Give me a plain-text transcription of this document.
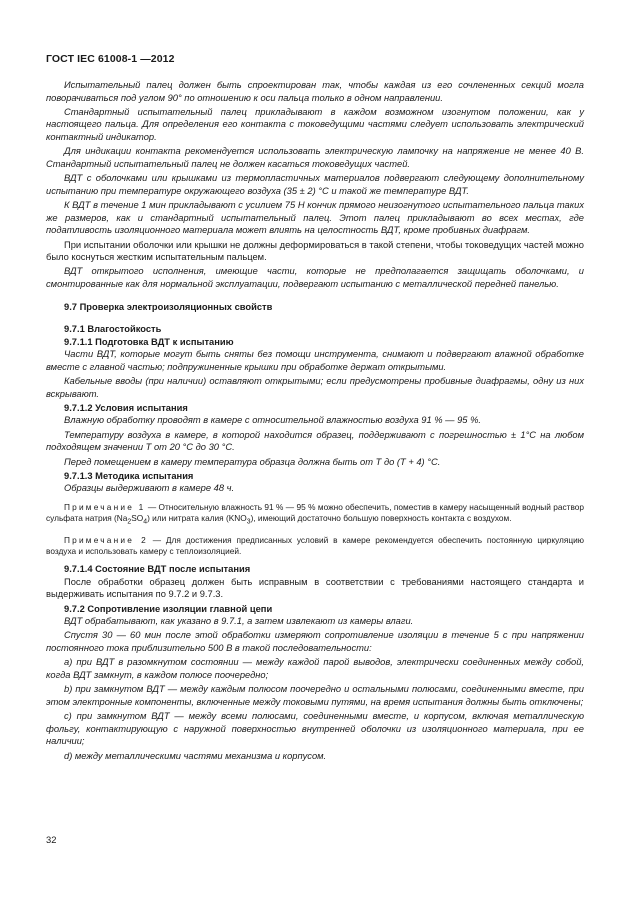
ГОСТ IEC 61008-1 —2012

Испытательный палец должен быть спроектирован так, чтобы каждая из его сочлененных секций могла поворачиваться под углом 90° по отношению к оси пальца только в одном направлении.

Стандартный испытательный палец прикладывают в каждом возможном изогнутом положении, как у настоящего пальца. Для определения его контакта с токоведущими частями следует использовать электрический контактный индикатор.

Для индикации контакта рекомендуется использовать электрическую лампочку на напряжение не менее 40 В. Стандартный испытательный палец не должен касаться токоведущих частей.

ВДТ с оболочками или крышками из термопластичных материалов подвергают следующему дополнительному испытанию при температуре окружающего воздуха (35 ± 2) °С и такой же температуре ВДТ.

К ВДТ в течение 1 мин прикладывают с усилием 75 Н кончик прямого неизогнутого испытательного пальца таких же размеров, как и стандартный испытательный палец. Этот палец прикладывают во всех местах, где податливость изоляционного материала может влиять на целостность ВДТ, кроме пробивных диафрагм.

При испытании оболочки или крышки не должны деформироваться в такой степени, чтобы токоведущих частей можно было коснуться жестким испытательным пальцем.

ВДТ открытого исполнения, имеющие части, которые не предполагается защищать оболочками, и смонтированные как для нормальной эксплуатации, подвергают испытанию с металлической передней панелью.

9.7 Проверка электроизоляционных свойств

9.7.1 Влагостойкость

9.7.1.1 Подготовка ВДТ к испытанию

Части ВДТ, которые могут быть сняты без помощи инструмента, снимают и подвергают влажной обработке вместе с главной частью; подпружиненные крышки при обработке держат открытыми.

Кабельные вводы (при наличии) оставляют открытыми; если предусмотрены пробивные диафрагмы, одну из них вскрывают.

9.7.1.2 Условия испытания

Влажную обработку проводят в камере с относительной влажностью воздуха 91 % — 95 %.

Температуру воздуха в камере, в которой находится образец, поддерживают с погрешностью ± 1°С на любом подходящем значении T от 20 °С до 30 °С.

Перед помещением в камеру температура образца должна быть от T до (T + 4) °С.

9.7.1.3 Методика испытания

Образцы выдерживают в камере 48 ч.

Примечание 1 — Относительную влажность 91 % — 95 % можно обеспечить, поместив в камеру насыщенный водный раствор сульфата натрия $(Na_2SO_4)$ или нитрата калия $(KNO_3)$, имеющий достаточно большую поверхность контакта с воздухом.

Примечание 2 — Для достижения предписанных условий в камере рекомендуется обеспечить постоянную циркуляцию воздуха и использовать камеру с теплоизоляцией.

9.7.1.4 Состояние ВДТ после испытания

После обработки образец должен быть исправным в соответствии с требованиями настоящего стандарта и выдерживать испытания по 9.7.2 и 9.7.3.

9.7.2 Сопротивление изоляции главной цепи

ВДТ обрабатывают, как указано в 9.7.1, а затем извлекают из камеры влаги.

Спустя 30 — 60 мин после этой обработки измеряют сопротивление изоляции в течение 5 с при напряжении постоянного тока приблизительно 500 В в такой последовательности:

a) при ВДТ в разомкнутом состоянии — между каждой парой выводов, электрически соединенных между собой, когда ВДТ замкнут, в каждом полюсе поочередно;

b) при замкнутом ВДТ — между каждым полюсом поочередно и остальными полюсами, соединенными вместе, при этом электронные компоненты, включенные между токовыми путями, на время испытания должны быть отключены;

c) при замкнутом ВДТ — между всеми полюсами, соединенными вместе, и корпусом, включая металлическую фольгу, контактирующую с наружной поверхностью внутренней оболочки из изоляционного материала, при ее наличии;

d) между металлическими частями механизма и корпусом.

32
